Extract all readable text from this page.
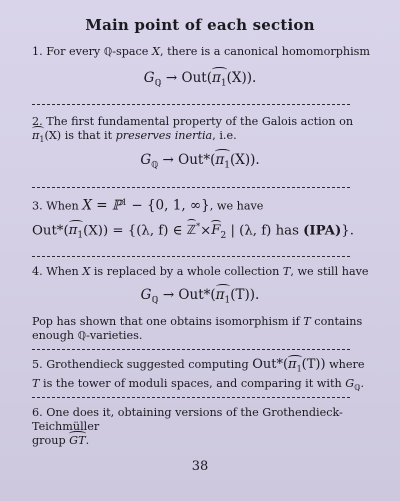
Main point of each section
1. For every ℚ-space X, there is a canonical homomorphism
$G_ℚ \to Out(\pi_1(X))$.
2. The first fundamental property of the Galois action on
$\pi_1(X)$ is that it preserves inertia, i.e.
$G_ℚ \to Out*(\pi_1(X))$.
3. When X = ℙ$^1$ − {0, 1, ∞}, we have
$Out*(\pi_1(X)) = \{(\lambda$, f) ∈ $ℤ^*\times F_2$ | (λ, f) has (IPA)}.
4. When X is replaced by a whole collection T, we still have
$G_ℚ \to Out*(\pi_1(T))$.
Pop has shown that one obtains isomorphism if T contains
enough ℚ-varieties.
5. Grothendieck suggested computing $Out*(\pi_1(T))$ where
T is the tower of moduli spaces, and comparing it with $G_ℚ$.
6. One does it, obtaining versions of the Grothendieck-Teichmüller
group GT.
38
